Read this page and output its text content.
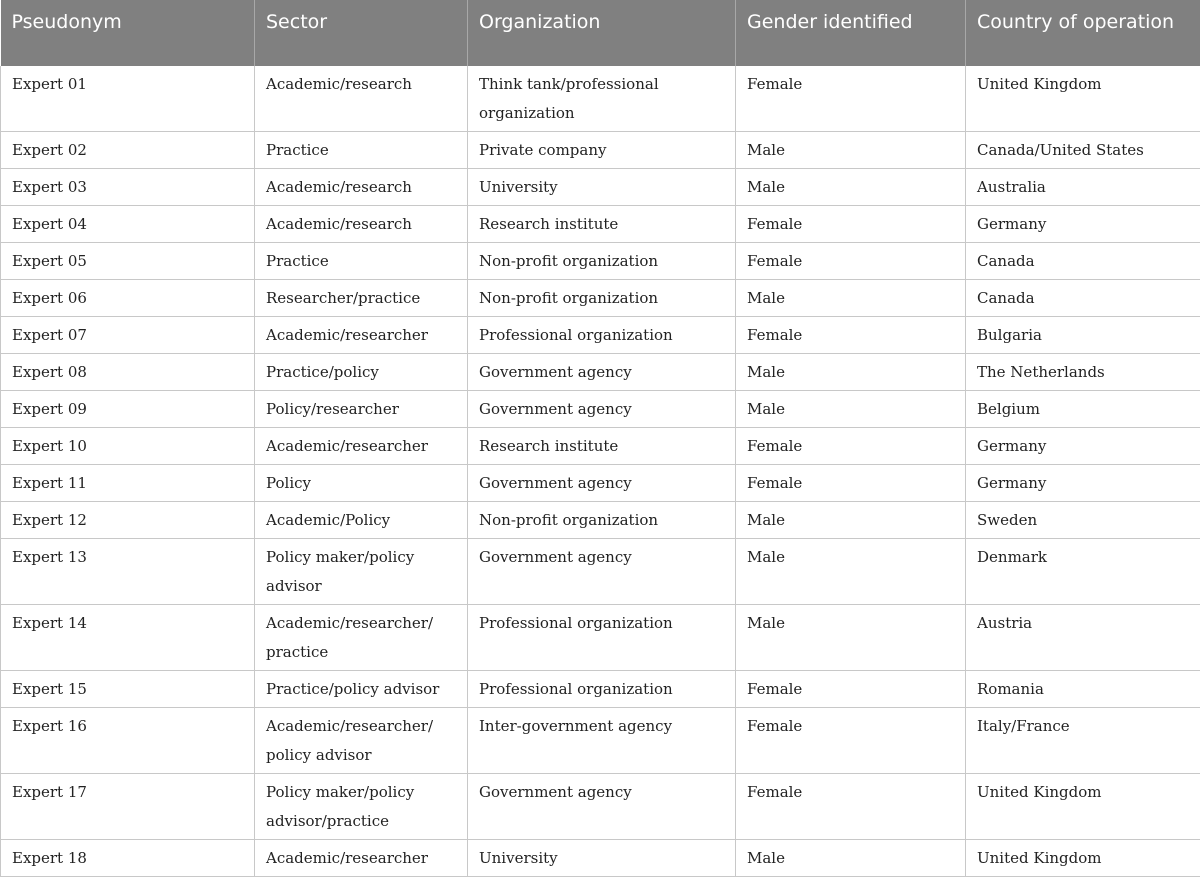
Pseudonym	Sector	Organization	Gender identified	Country of operation
Expert 01	Academic/research	Think tank/professional organization	Female	United Kingdom
Expert 02	Practice	Private company	Male	Canada/United States
Expert 03	Academic/research	University	Male	Australia
Expert 04	Academic/research	Research institute	Female	Germany
Expert 05	Practice	Non-profit organization	Female	Canada
Expert 06	Researcher/practice	Non-profit organization	Male	Canada
Expert 07	Academic/researcher	Professional organization	Female	Bulgaria
Expert 08	Practice/policy	Government agency	Male	The Netherlands
Expert 09	Policy/researcher	Government agency	Male	Belgium
Expert 10	Academic/researcher	Research institute	Female	Germany
Expert 11	Policy	Government agency	Female	Germany
Expert 12	Academic/Policy	Non-profit organization	Male	Sweden
Expert 13	Policy maker/policy advisor	Government agency	Male	Denmark
Expert 14	Academic/researcher/ practice	Professional organization	Male	Austria
Expert 15	Practice/policy advisor	Professional organization	Female	Romania
Expert 16	Academic/researcher/ policy advisor	Inter-government agency	Female	Italy/France
Expert 17	Policy maker/policy advisor/practice	Government agency	Female	United Kingdom
Expert 18	Academic/researcher	University	Male	United Kingdom
